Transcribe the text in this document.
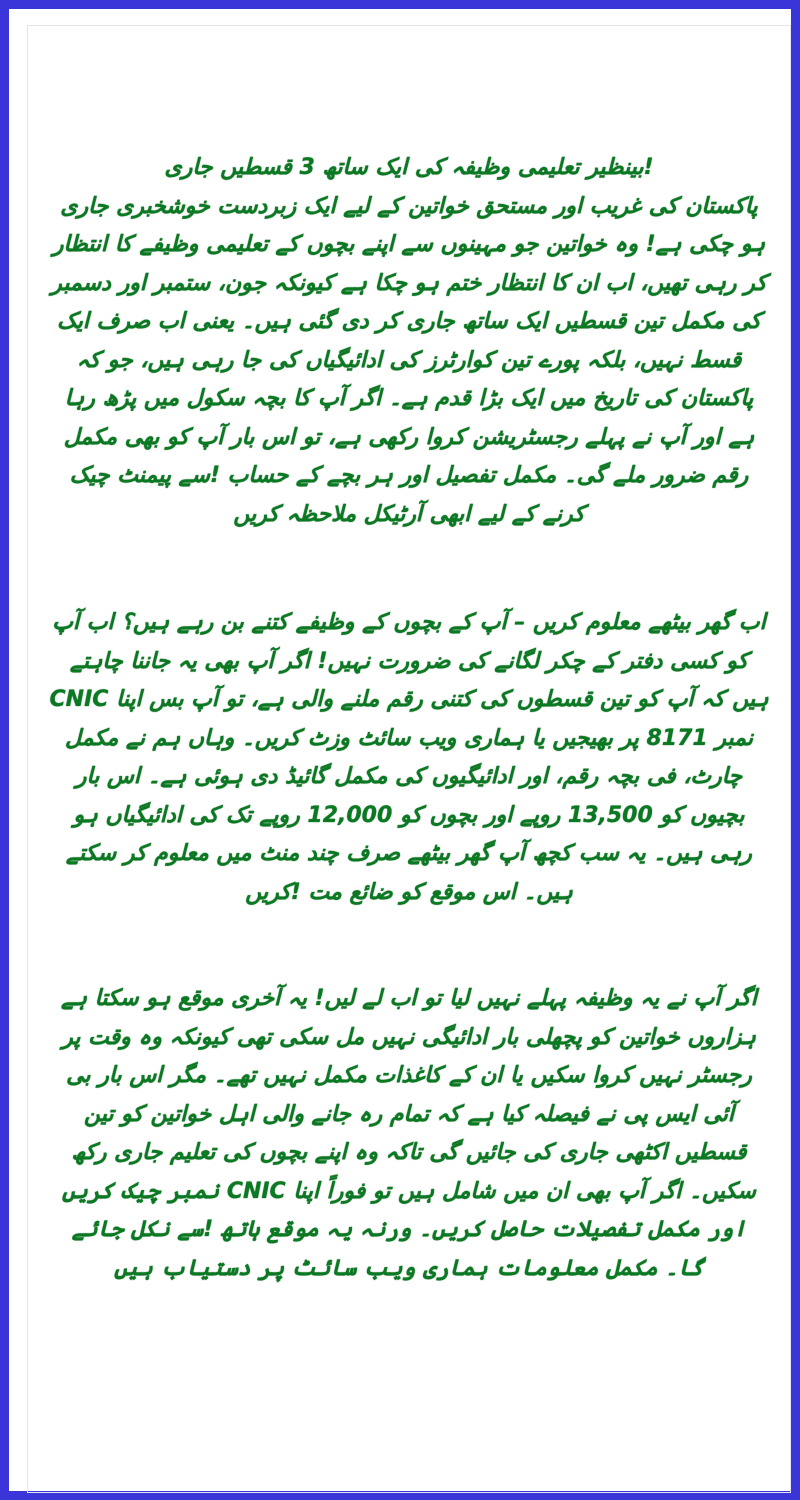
!بینظیر تعلیمی وظیفہ کی ایک ساتھ 3 قسطیں جاری

پاکستان کی غریب اور مستحق خواتین کے لیے ایک زبردست خوشخبری جاری ہو چکی ہے! وہ خواتین جو مہینوں سے اپنے بچوں کے تعلیمی وظیفے کا انتظار کر رہی تھیں، اب ان کا انتظار ختم ہو چکا ہے کیونکہ جون، ستمبر اور دسمبر کی مکمل تین قسطیں ایک ساتھ جاری کر دی گئی ہیں۔ یعنی اب صرف ایک قسط نہیں، بلکہ پورے تین کوارٹرز کی ادائیگیاں کی جا رہی ہیں، جو کہ پاکستان کی تاریخ میں ایک بڑا قدم ہے۔ اگر آپ کا بچہ سکول میں پڑھ رہا ہے اور آپ نے پہلے رجسٹریشن کروا رکھی ہے، تو اس بار آپ کو بھی مکمل رقم ضرور ملے گی۔ مکمل تفصیل اور ہر بچے کے حساب !سے پیمنٹ چیک کرنے کے لیے ابھی آرٹیکل ملاحظہ کریں

اب گھر بیٹھے معلوم کریں – آپ کے بچوں کے وظیفے کتنے بن رہے ہیں؟ اب آپ کو کسی دفتر کے چکر لگانے کی ضرورت نہیں! اگر آپ بھی یہ جاننا چاہتے ہیں کہ آپ کو تین قسطوں کی کتنی رقم ملنے والی ہے، تو آپ بس اپنا CNIC نمبر 8171 پر بھیجیں یا ہماری ویب سائٹ وزٹ کریں۔ وہاں ہم نے مکمل چارٹ، فی بچہ رقم، اور ادائیگیوں کی مکمل گائیڈ دی ہوئی ہے۔ اس بار بچیوں کو 13,500 روپے اور بچوں کو 12,000 روپے تک کی ادائیگیاں ہو رہی ہیں۔ یہ سب کچھ آپ گھر بیٹھے صرف چند منٹ میں معلوم کر سکتے ہیں۔ اس موقع کو ضائع مت !کریں

اگر آپ نے یہ وظیفہ پہلے نہیں لیا تو اب لے لیں! یہ آخری موقع ہو سکتا ہے ہزاروں خواتین کو پچھلی بار ادائیگی نہیں مل سکی تھی کیونکہ وہ وقت پر رجسٹر نہیں کروا سکیں یا ان کے کاغذات مکمل نہیں تھے۔ مگر اس بار بی آئی ایس پی نے فیصلہ کیا ہے کہ تمام رہ جانے والی اہل خواتین کو تین قسطیں اکٹھی جاری کی جائیں گی تاکہ وہ اپنے بچوں کی تعلیم جاری رکھ سکیں۔ اگر آپ بھی ان میں شامل ہیں تو فوراً اپنا CNIC نمبر چیک کریں اور مکمل تفصیلات حاصل کریں۔ ورنہ یہ موقع ہاتھ !سے نکل جائے گا۔ مکمل معلومات ہماری ویب سائٹ پر دستیاب ہیں
